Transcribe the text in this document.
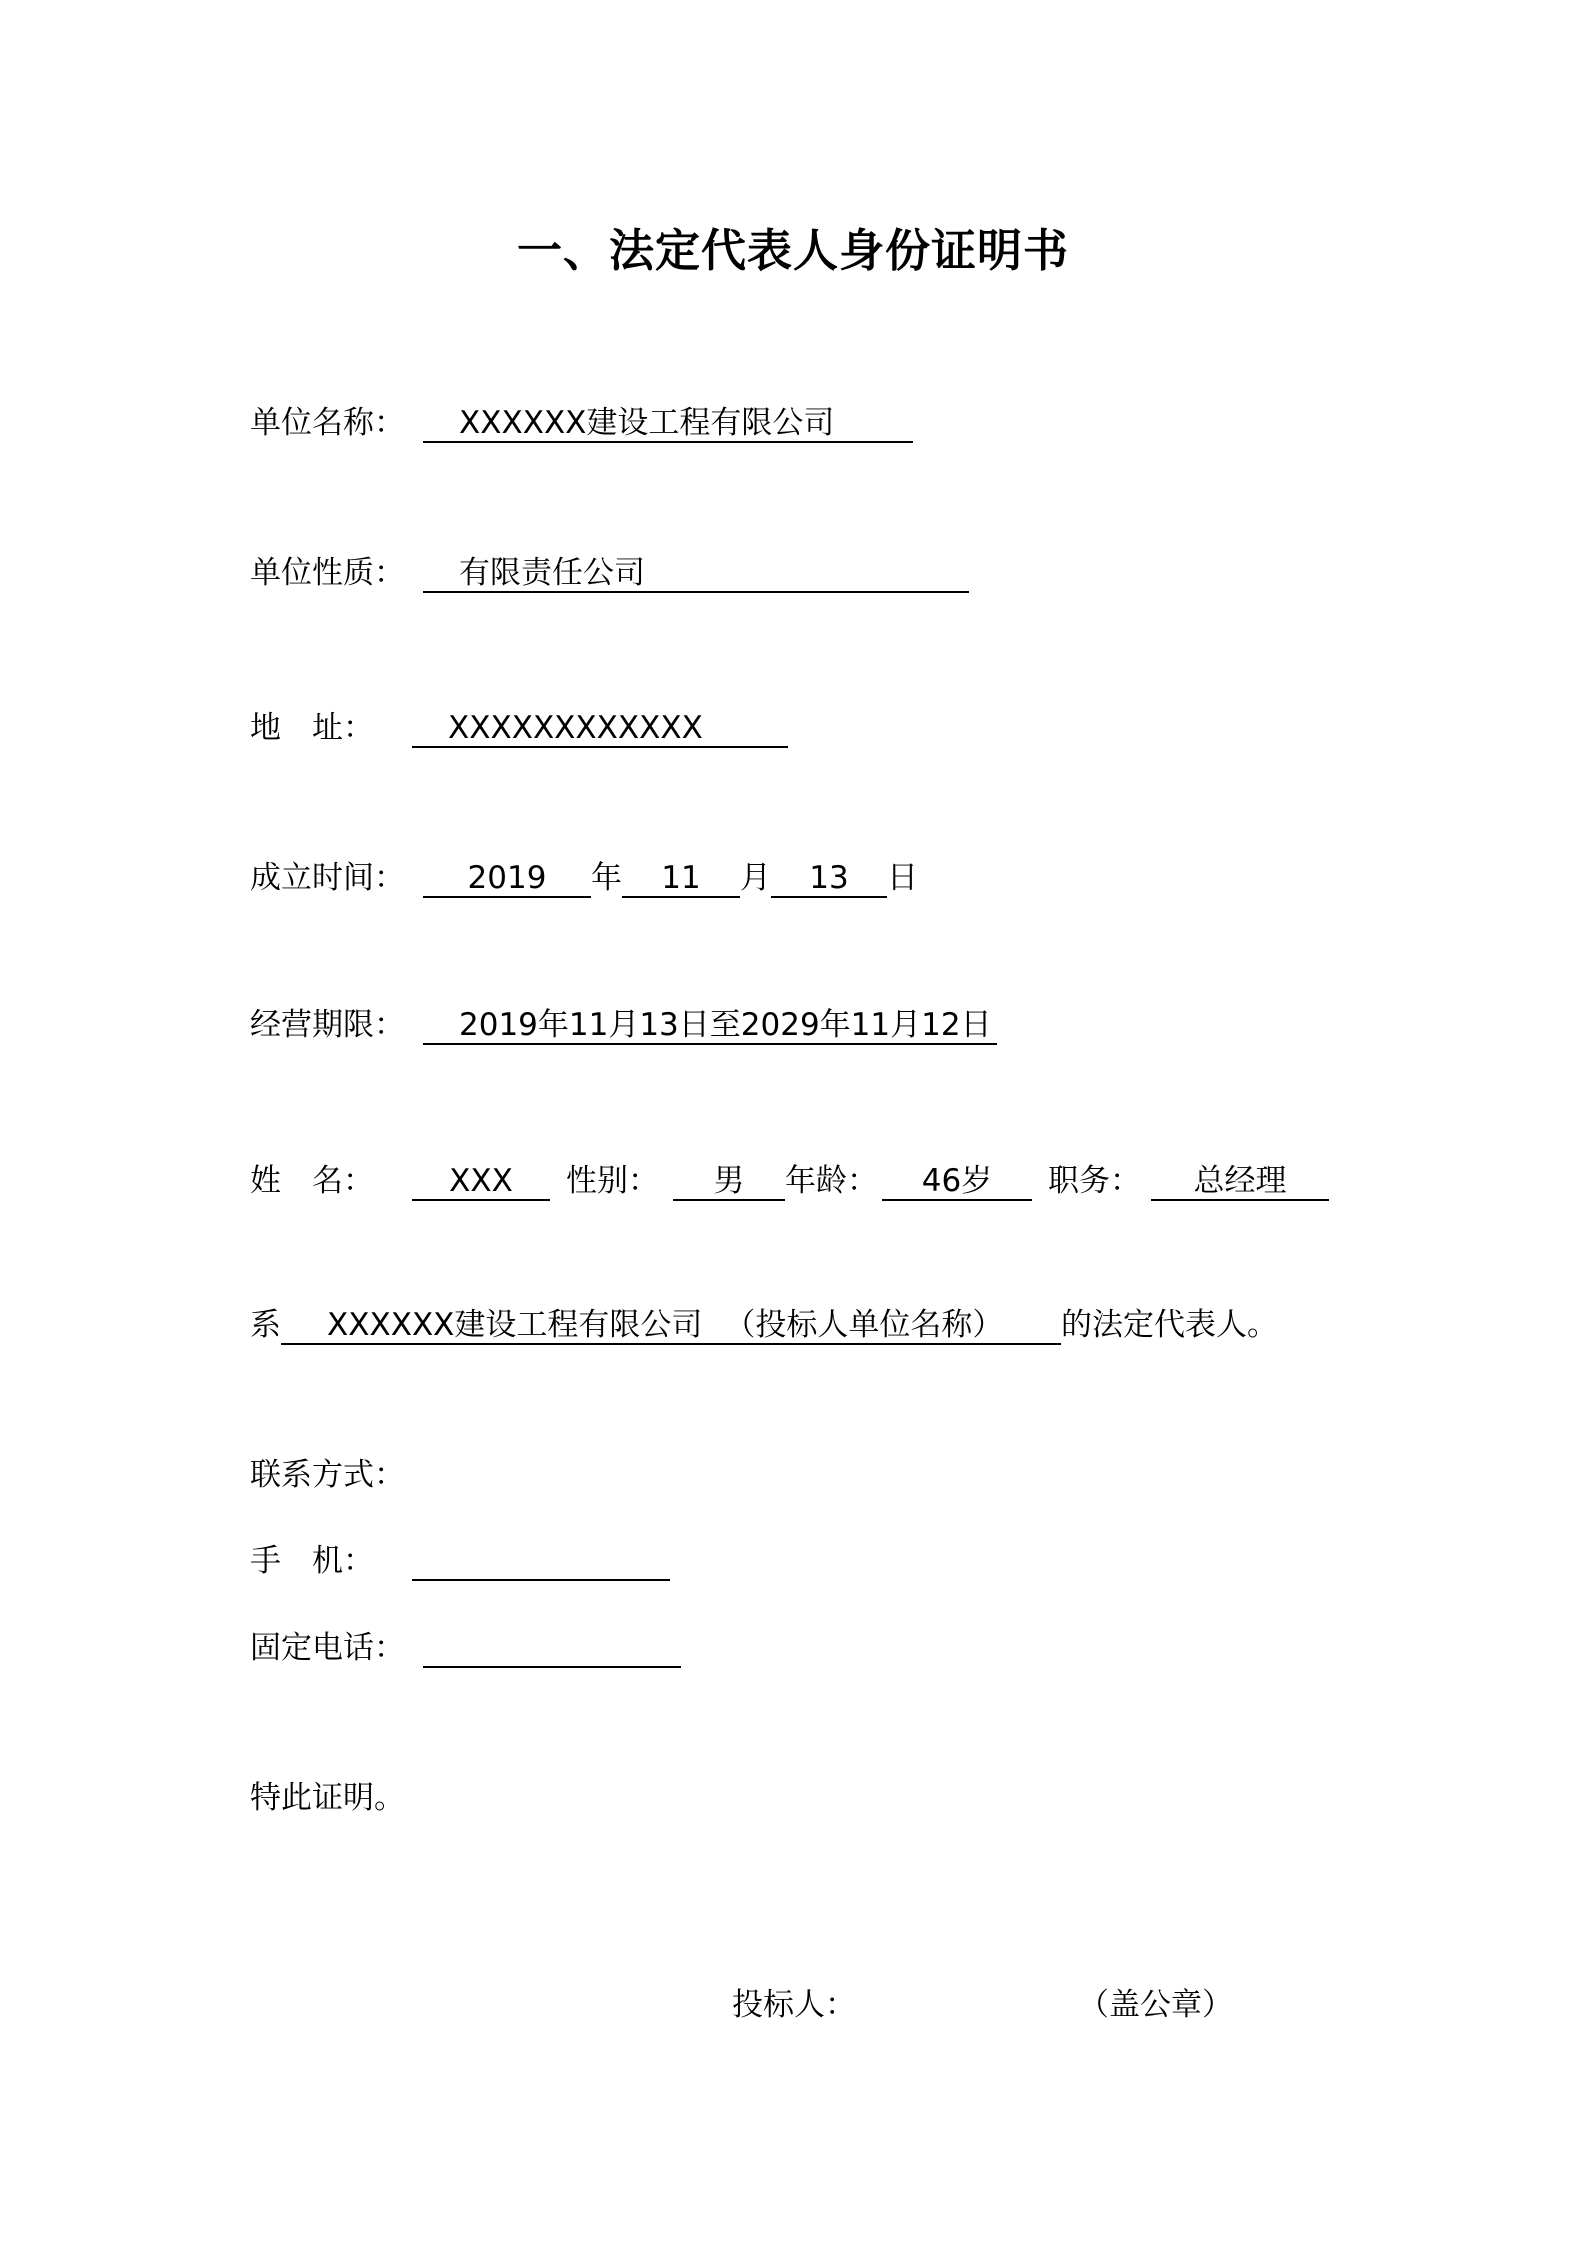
一、法定代表人身份证明书
单位名称：	XXXXXX建设工程有限公司
单位性质：	有限责任公司
地 址：	XXXXXXXXXXXX
成立时间：	2019	年	11	月	13	日
经营期限：	2019年11月13日至2029年11月12日
姓 名：	XXX	性别：	男	年龄：	46岁	职务：	总经理
系	XXXXXX建设工程有限公司 （投标人单位名称）	的法定代表人。
联系方式：
手 机：
固定电话：
特此证明。
投标人：	（盖公章）
